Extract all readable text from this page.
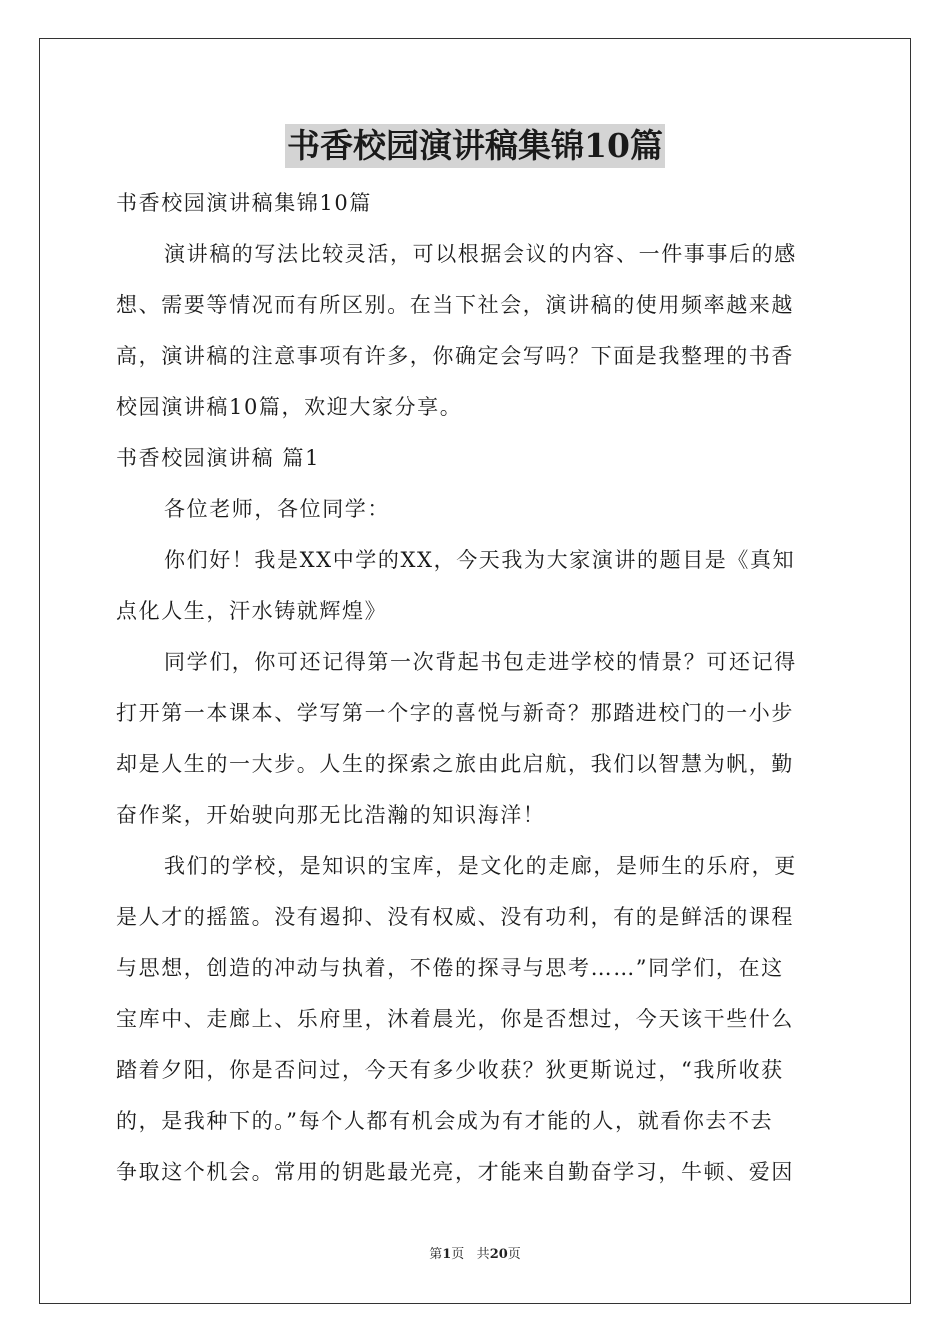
书香校园演讲稿集锦10篇

书香校园演讲稿集锦10篇

演讲稿的写法比较灵活，可以根据会议的内容、一件事事后的感

想、需要等情况而有所区别。在当下社会，演讲稿的使用频率越来越

高，演讲稿的注意事项有许多，你确定会写吗？下面是我整理的书香

校园演讲稿10篇，欢迎大家分享。

书香校园演讲稿 篇1

各位老师，各位同学：

你们好！我是XX中学的XX，今天我为大家演讲的题目是《真知

点化人生，汗水铸就辉煌》

同学们，你可还记得第一次背起书包走进学校的情景？可还记得

打开第一本课本、学写第一个字的喜悦与新奇？那踏进校门的一小步

却是人生的一大步。人生的探索之旅由此启航，我们以智慧为帆，勤

奋作桨，开始驶向那无比浩瀚的知识海洋！

我们的学校，是知识的宝库，是文化的走廊，是师生的乐府，更

是人才的摇篮。没有遏抑、没有权威、没有功利，有的是鲜活的课程

与思想，创造的冲动与执着，不倦的探寻与思考……”同学们，在这

宝库中、走廊上、乐府里，沐着晨光，你是否想过，今天该干些什么

踏着夕阳，你是否问过，今天有多少收获？狄更斯说过，“我所收获

的，是我种下的。”每个人都有机会成为有才能的人，就看你去不去

争取这个机会。常用的钥匙最光亮，才能来自勤奋学习，牛顿、爱因

第1页 共20页
